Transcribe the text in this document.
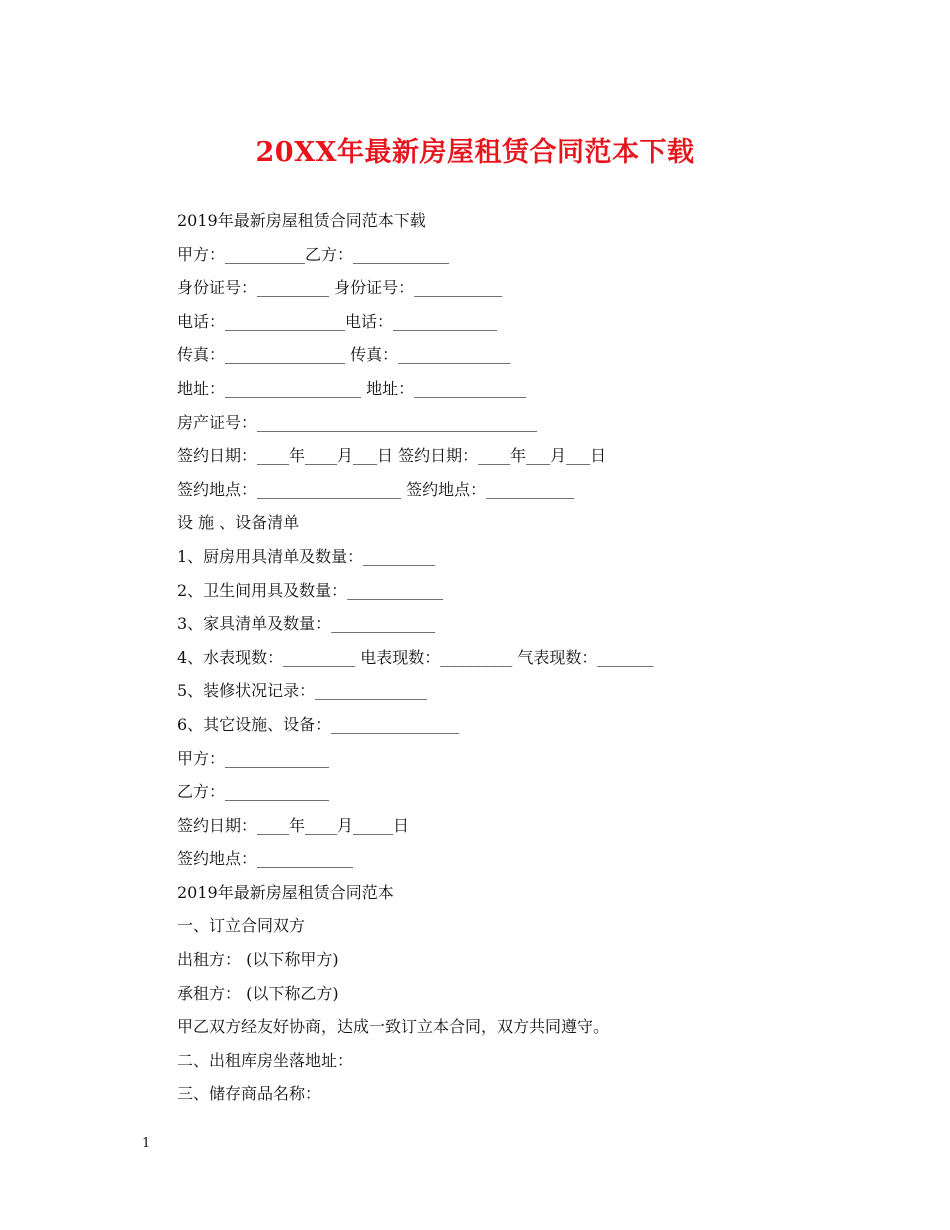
20XX年最新房屋租赁合同范本下载
2019年最新房屋租赁合同范本下载
甲方：__________乙方：____________
身份证号：_________ 身份证号：___________
电话：_______________电话：_____________
传真：_______________ 传真：______________
地址：_________________ 地址：______________
房产证号：___________________________________
签约日期：____年____月___日 签约日期：____年___月___日
签约地点：__________________ 签约地点：___________
设 施 、设备清单
1、厨房用具清单及数量：_________
2、卫生间用具及数量：____________
3、家具清单及数量：_____________
4、水表现数：_________ 电表现数：_________ 气表现数：_______
5、装修状况记录：______________
6、其它设施、设备：________________
甲方：_____________
乙方：_____________
签约日期：____年____月_____日
签约地点：____________
2019年最新房屋租赁合同范本
一、订立合同双方
出租方： (以下称甲方)
承租方： (以下称乙方)
甲乙双方经友好协商，达成一致订立本合同，双方共同遵守。
二、出租库房坐落地址：
三、储存商品名称：
1
